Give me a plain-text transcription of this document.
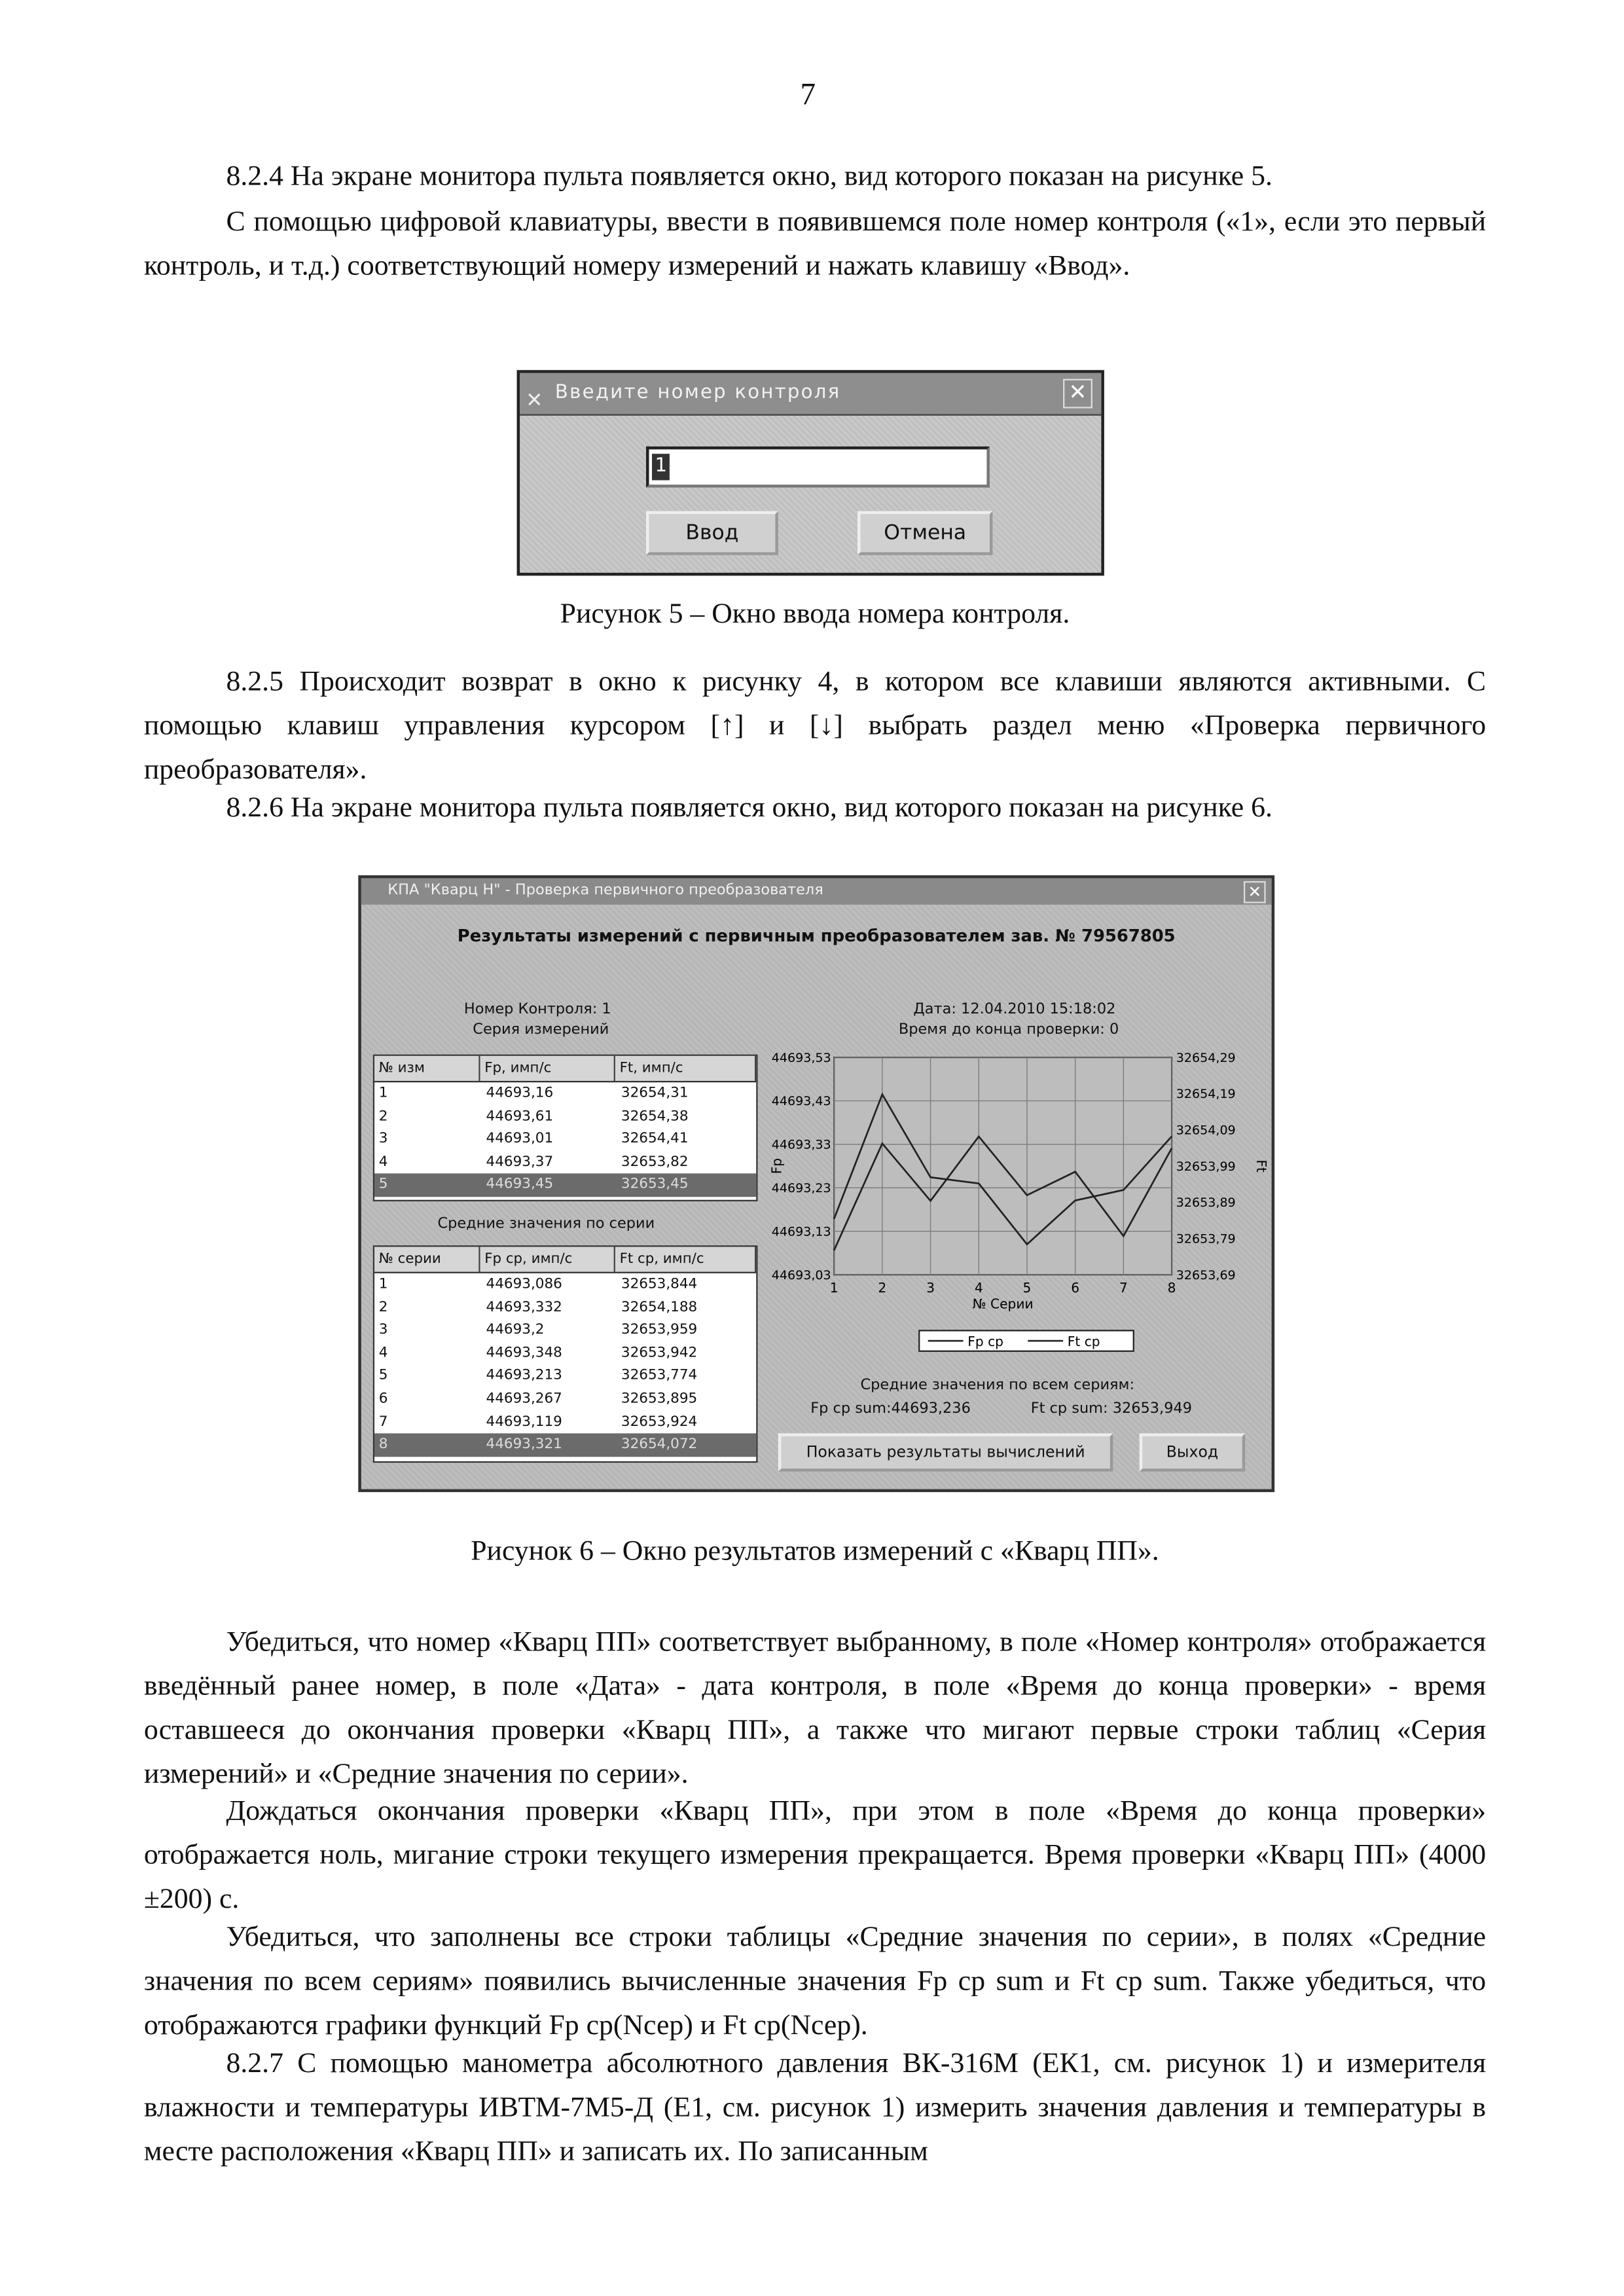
7
8.2.4 На экране монитора пульта появляется окно, вид которого показан на рисунке 5.
С помощью цифровой клавиатуры, ввести в появившемся поле номер контроля («1», если это первый контроль, и т.д.) соответствующий номеру измерений и нажать клавишу «Ввод».
✕ Введите номер контроля	✕
1
Ввод	Отмена
Рисунок 5 – Окно ввода номера контроля.
8.2.5 Происходит возврат в окно к рисунку 4, в котором все клавиши являются активными. С помощью клавиш управления курсором [↑] и [↓] выбрать раздел меню «Проверка первичного преобразователя».
8.2.6 На экране монитора пульта появляется окно, вид которого показан на рисунке 6.
КПА "Кварц Н" - Проверка первичного преобразователя	✕
Результаты измерений с первичным преобразователем зав. № 79567805
Номер Контроля: 1
Серия измерений
Дата: 12.04.2010 15:18:02
Время до конца проверки: 0
№ изм	Fp, имп/с	Ft, имп/с
1	44693,16	32654,31
2	44693,61	32654,38
3	44693,01	32654,41
4	44693,37	32653,82
5	44693,45	32653,45
Средние значения по серии
№ серии	Fp ср, имп/с	Ft ср, имп/с
1	44693,086	32653,844
2	44693,332	32654,188
3	44693,2	32653,959
4	44693,348	32653,942
5	44693,213	32653,774
6	44693,267	32653,895
7	44693,119	32653,924
8	44693,321	32654,072
44693,53
44693,43
44693,33
44693,23
44693,13
44693,03
32654,29
32654,19
32654,09
32653,99
32653,89
32653,79
32653,69
1	2	3	4	5	6	7	8
№ Серии
Fp	Ft
Fp cp	Ft cp
Средние значения по всем сериям:
Fp cp sum:44693,236	Ft cp sum: 32653,949
Показать результаты вычислений	Выход
Рисунок 6 – Окно результатов измерений с «Кварц ПП».
Убедиться, что номер «Кварц ПП» соответствует выбранному, в поле «Номер контроля» отображается введённый ранее номер, в поле «Дата» - дата контроля, в поле «Время до конца проверки» - время оставшееся до окончания проверки «Кварц ПП», а также что мигают первые строки таблиц «Серия измерений» и «Средние значения по серии».
Дождаться окончания проверки «Кварц ПП», при этом в поле «Время до конца проверки» отображается ноль, мигание строки текущего измерения прекращается. Время проверки «Кварц ПП» (4000 ±200) с.
Убедиться, что заполнены все строки таблицы «Средние значения по серии», в полях «Средние значения по всем сериям» появились вычисленные значения Fp cp sum и Ft cp sum. Также убедиться, что отображаются графики функций Fp cp(Nсер) и Ft cp(Nсер).
8.2.7 С помощью манометра абсолютного давления ВК-316М (ЕК1, см. рисунок 1) и измерителя влажности и температуры ИВТМ-7М5-Д (Е1, см. рисунок 1) измерить значения давления и температуры в месте расположения «Кварц ПП» и записать их. По записанным
